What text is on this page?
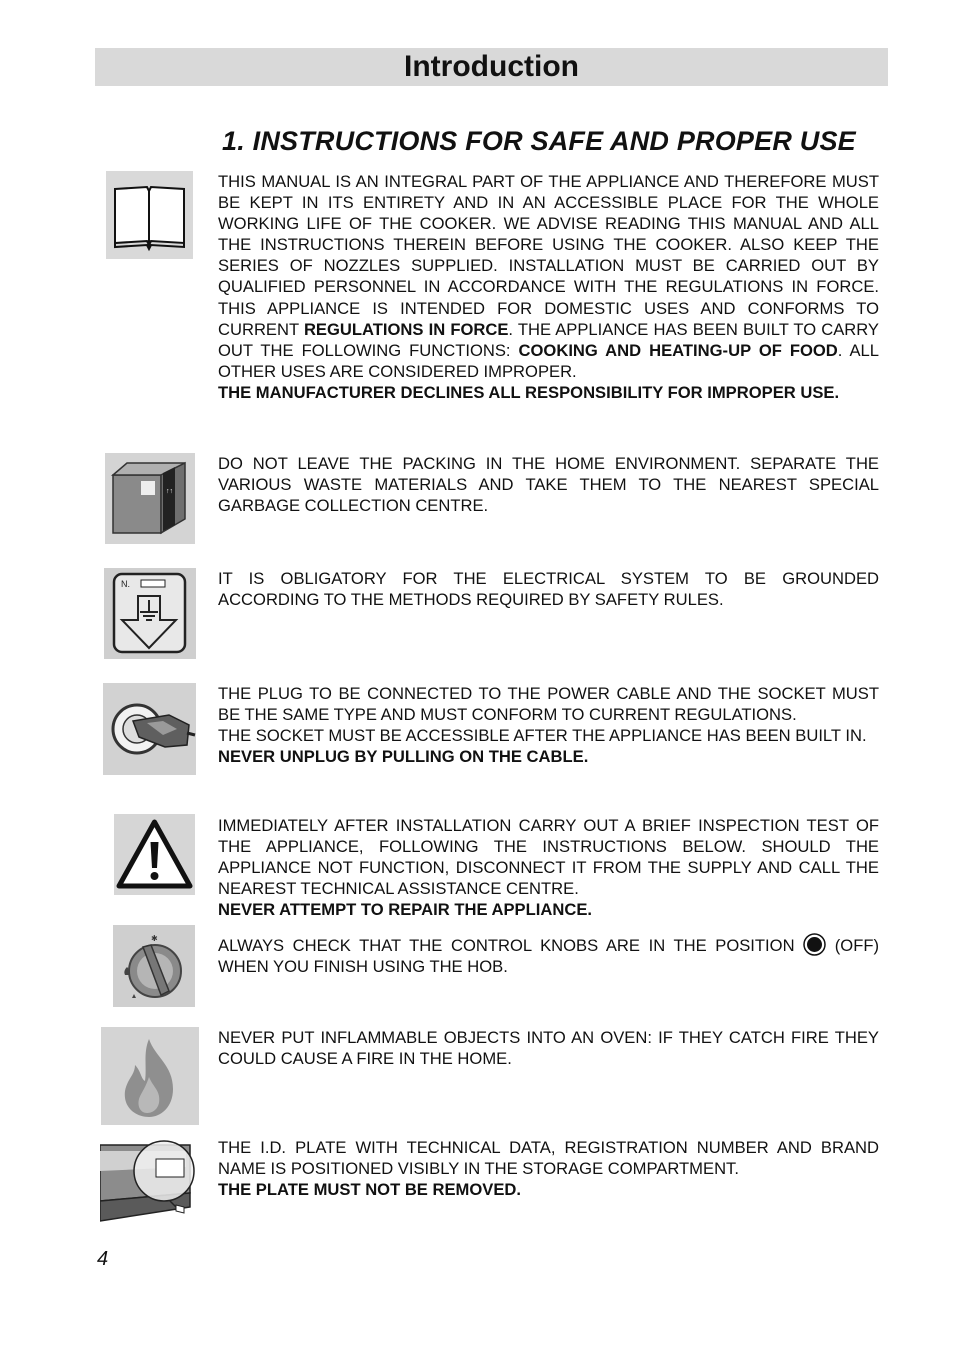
Introduction
1. INSTRUCTIONS FOR SAFE AND PROPER USE

THIS MANUAL IS AN INTEGRAL PART OF THE APPLIANCE AND THEREFORE MUST BE KEPT IN ITS ENTIRETY AND IN AN ACCESSIBLE PLACE FOR THE WHOLE WORKING LIFE OF THE COOKER. WE ADVISE READING THIS MANUAL AND ALL THE INSTRUCTIONS THEREIN BEFORE USING THE COOKER. ALSO KEEP THE SERIES OF NOZZLES SUPPLIED. INSTALLATION MUST BE CARRIED OUT BY QUALIFIED PERSONNEL IN ACCORDANCE WITH THE REGULATIONS IN FORCE. THIS APPLIANCE IS INTENDED FOR DOMESTIC USES AND CONFORMS TO CURRENT REGULATIONS IN FORCE. THE APPLIANCE HAS BEEN BUILT TO CARRY OUT THE FOLLOWING FUNCTIONS: COOKING AND HEATING-UP OF FOOD. ALL OTHER USES ARE CONSIDERED IMPROPER.

THE MANUFACTURER DECLINES ALL RESPONSIBILITY FOR IMPROPER USE.

↑↑

DO NOT LEAVE THE PACKING IN THE HOME ENVIRONMENT. SEPARATE THE VARIOUS WASTE MATERIALS AND TAKE THEM TO THE NEAREST SPECIAL GARBAGE COLLECTION CENTRE.

N.	IT IS OBLIGATORY FOR THE ELECTRICAL SYSTEM TO BE GROUNDED ACCORDING TO THE METHODS REQUIRED BY SAFETY RULES.

THE PLUG TO BE CONNECTED TO THE POWER CABLE AND THE SOCKET MUST BE THE SAME TYPE AND MUST CONFORM TO CURRENT REGULATIONS.

THE SOCKET MUST BE ACCESSIBLE AFTER THE APPLIANCE HAS BEEN BUILT IN.

NEVER UNPLUG BY PULLING ON THE CABLE.

IMMEDIATELY AFTER INSTALLATION CARRY OUT A BRIEF INSPECTION TEST OF THE APPLIANCE, FOLLOWING THE INSTRUCTIONS BELOW. SHOULD THE APPLIANCE NOT FUNCTION, DISCONNECT IT FROM THE SUPPLY AND CALL THE NEAREST TECHNICAL ASSISTANCE CENTRE.

NEVER ATTEMPT TO REPAIR THE APPLIANCE.

✱	ALWAYS CHECK THAT THE CONTROL KNOBS ARE IN THE POSITION  (OFF) WHEN YOU FINISH USING THE HOB.

NEVER PUT INFLAMMABLE OBJECTS INTO AN OVEN: IF THEY CATCH FIRE THEY COULD CAUSE A FIRE IN THE HOME.

THE I.D. PLATE WITH TECHNICAL DATA, REGISTRATION NUMBER AND BRAND NAME IS POSITIONED VISIBLY IN THE STORAGE COMPARTMENT.

THE PLATE MUST NOT BE REMOVED.

4
